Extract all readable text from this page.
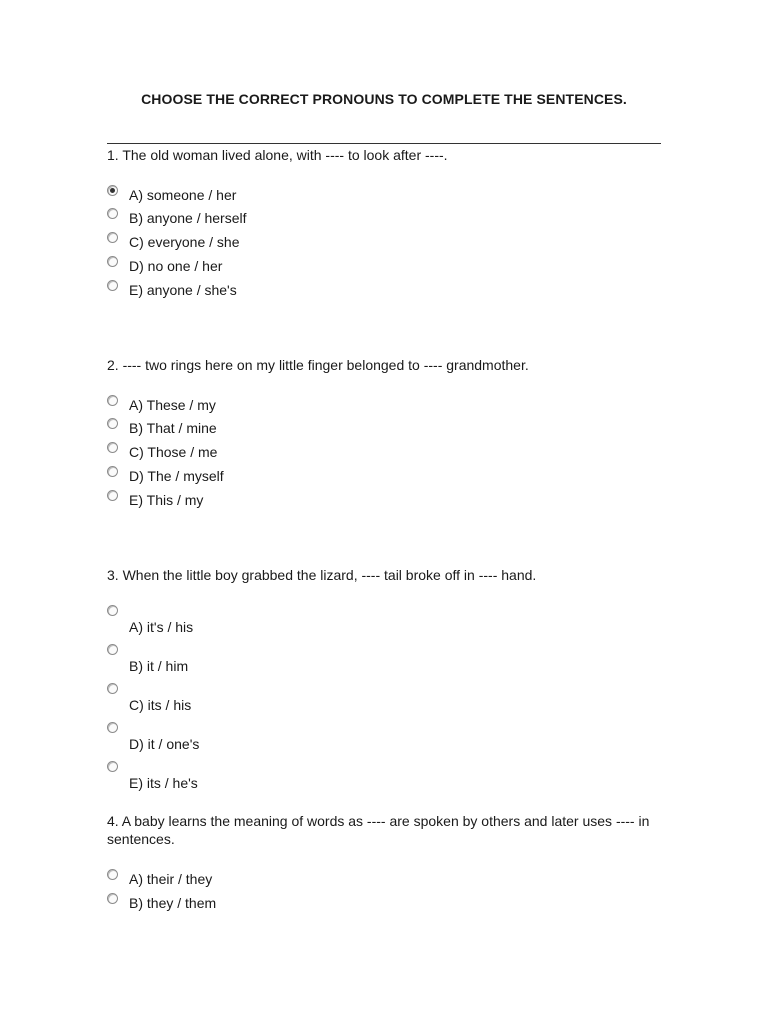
CHOOSE THE CORRECT PRONOUNS TO COMPLETE THE SENTENCES.
1. The old woman lived alone, with ---- to look after ----.
A) someone / her
B) anyone / herself
C) everyone / she
D) no one / her
E) anyone / she's
2. ---- two rings here on my little finger belonged to ---- grandmother.
A) These / my
B) That / mine
C) Those / me
D) The / myself
E) This / my
3. When the little boy grabbed the lizard, ---- tail broke off in ---- hand.
A) it's / his
B) it / him
C) its / his
D) it / one's
E) its / he's
4. A baby learns the meaning of words as ---- are spoken by others and later uses ---- in sentences.
A) their / they
B) they / them
